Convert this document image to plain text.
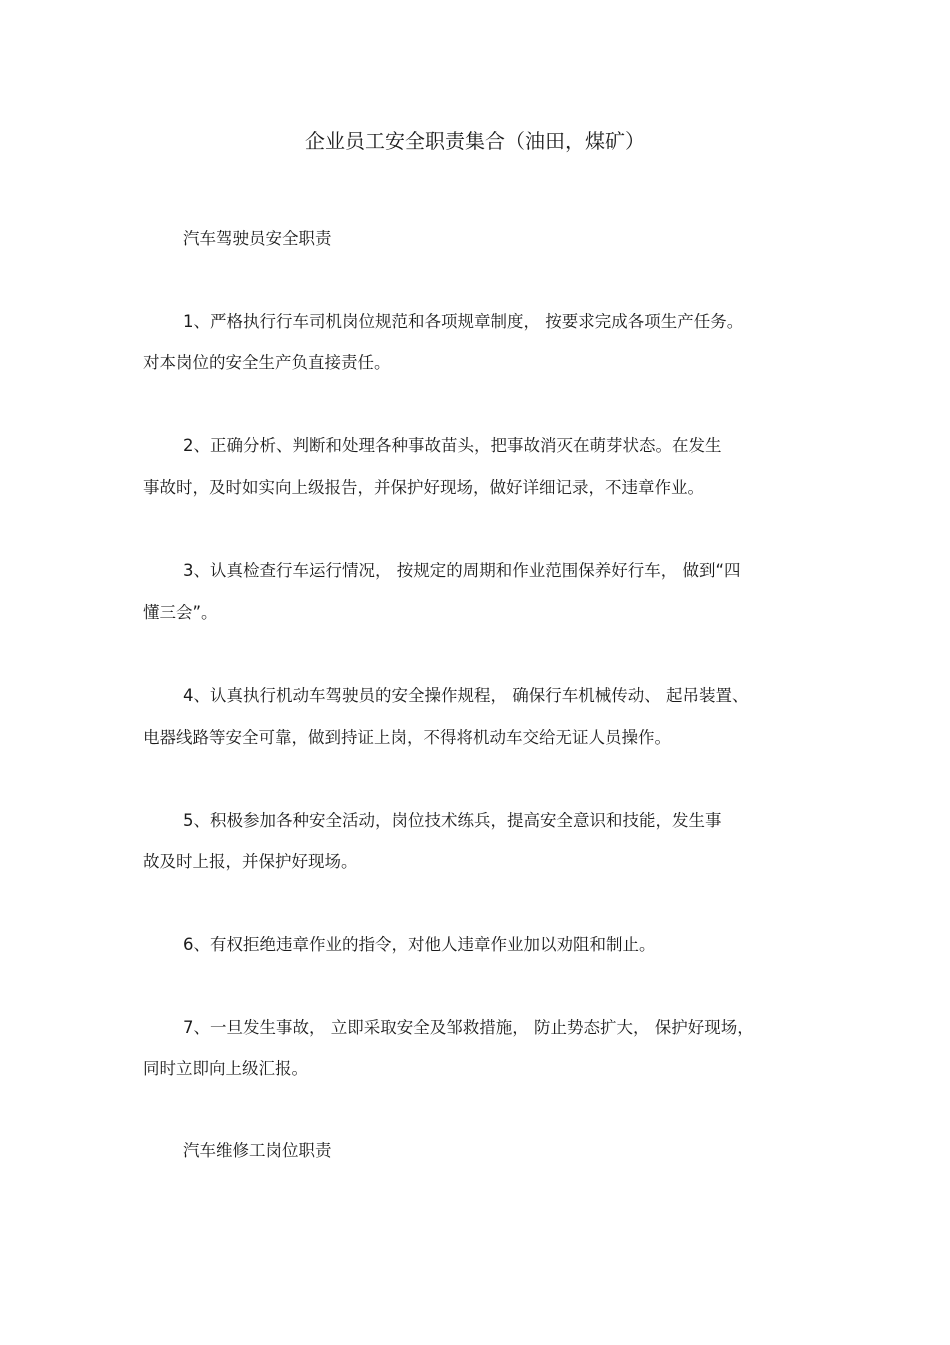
企业员工安全职责集合（油田，煤矿）
汽车驾驶员安全职责
1、严格执行行车司机岗位规范和各项规章制度， 按要求完成各项生产任务。
对本岗位的安全生产负直接责任。
2、正确分析、判断和处理各种事故苗头，把事故消灭在萌芽状态。在发生
事故时，及时如实向上级报告，并保护好现场，做好详细记录，不违章作业。
3、认真检查行车运行情况， 按规定的周期和作业范围保养好行车， 做到“四
懂三会”。
4、认真执行机动车驾驶员的安全操作规程， 确保行车机械传动、 起吊装置、
电器线路等安全可靠，做到持证上岗，不得将机动车交给无证人员操作。
5、积极参加各种安全活动，岗位技术练兵，提高安全意识和技能，发生事
故及时上报，并保护好现场。
6、有权拒绝违章作业的指令，对他人违章作业加以劝阻和制止。
7、一旦发生事故， 立即采取安全及邹救措施， 防止势态扩大， 保护好现场，
同时立即向上级汇报。
汽车维修工岗位职责
